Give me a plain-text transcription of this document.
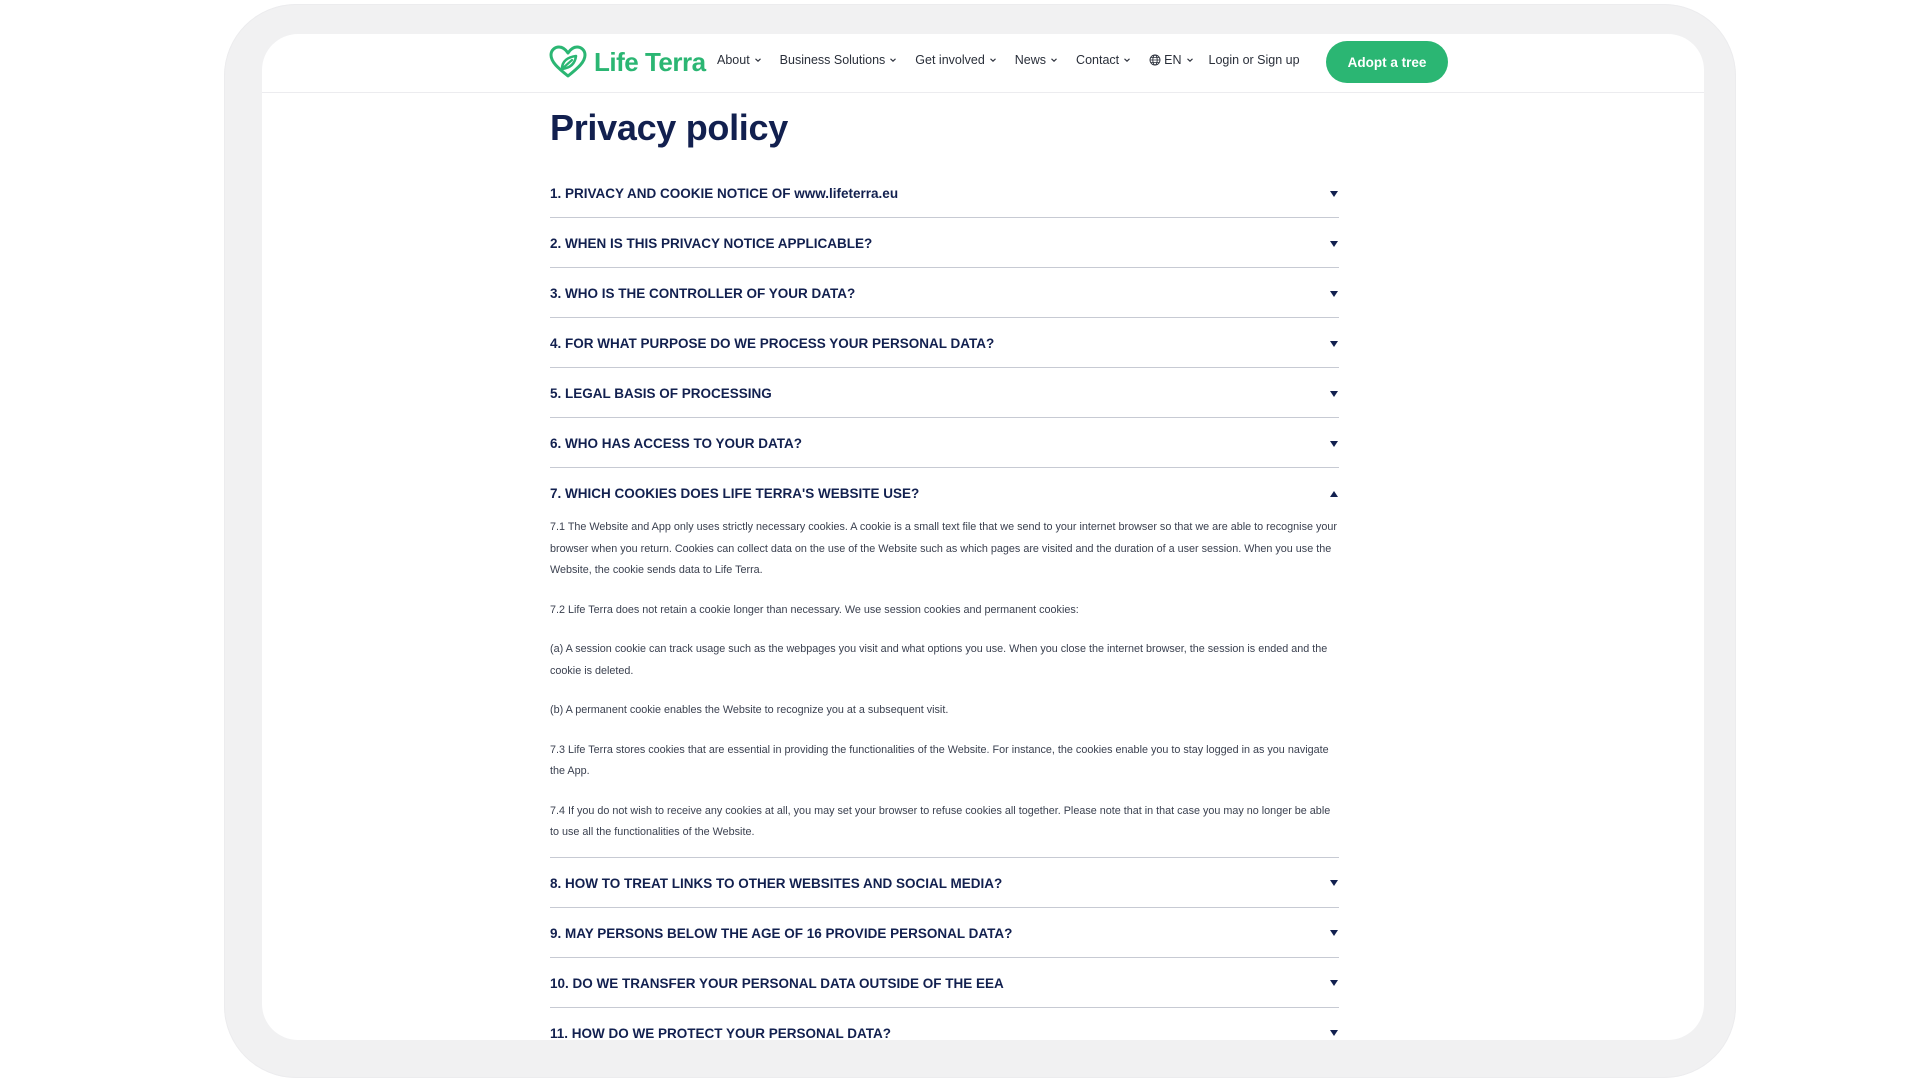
Life Terra About Business Solutions Get involved News Contact	EN Login or Sign up	Adopt a tree
Privacy policy
1. PRIVACY AND COOKIE NOTICE OF www.lifeterra.eu
2. WHEN IS THIS PRIVACY NOTICE APPLICABLE?
3. WHO IS THE CONTROLLER OF YOUR DATA?
4. FOR WHAT PURPOSE DO WE PROCESS YOUR PERSONAL DATA?
5. LEGAL BASIS OF PROCESSING
6. WHO HAS ACCESS TO YOUR DATA?
7. WHICH COOKIES DOES LIFE TERRA'S WEBSITE USE?

7.1 The Website and App only uses strictly necessary cookies. A cookie is a small text file that we send to your internet browser so that we are able to recognise your browser when you return. Cookies can collect data on the use of the Website such as which pages are visited and the duration of a user session. When you use the Website, the cookie sends data to Life Terra.

7.2 Life Terra does not retain a cookie longer than necessary. We use session cookies and permanent cookies:

(a) A session cookie can track usage such as the webpages you visit and what options you use. When you close the internet browser, the session is ended and the cookie is deleted.

(b) A permanent cookie enables the Website to recognize you at a subsequent visit.

7.3 Life Terra stores cookies that are essential in providing the functionalities of the Website. For instance, the cookies enable you to stay logged in as you navigate the App.

7.4 If you do not wish to receive any cookies at all, you may set your browser to refuse cookies all together. Please note that in that case you may no longer be able to use all the functionalities of the Website.

8. HOW TO TREAT LINKS TO OTHER WEBSITES AND SOCIAL MEDIA?
9. MAY PERSONS BELOW THE AGE OF 16 PROVIDE PERSONAL DATA?
10. DO WE TRANSFER YOUR PERSONAL DATA OUTSIDE OF THE EEA
11. HOW DO WE PROTECT YOUR PERSONAL DATA?
